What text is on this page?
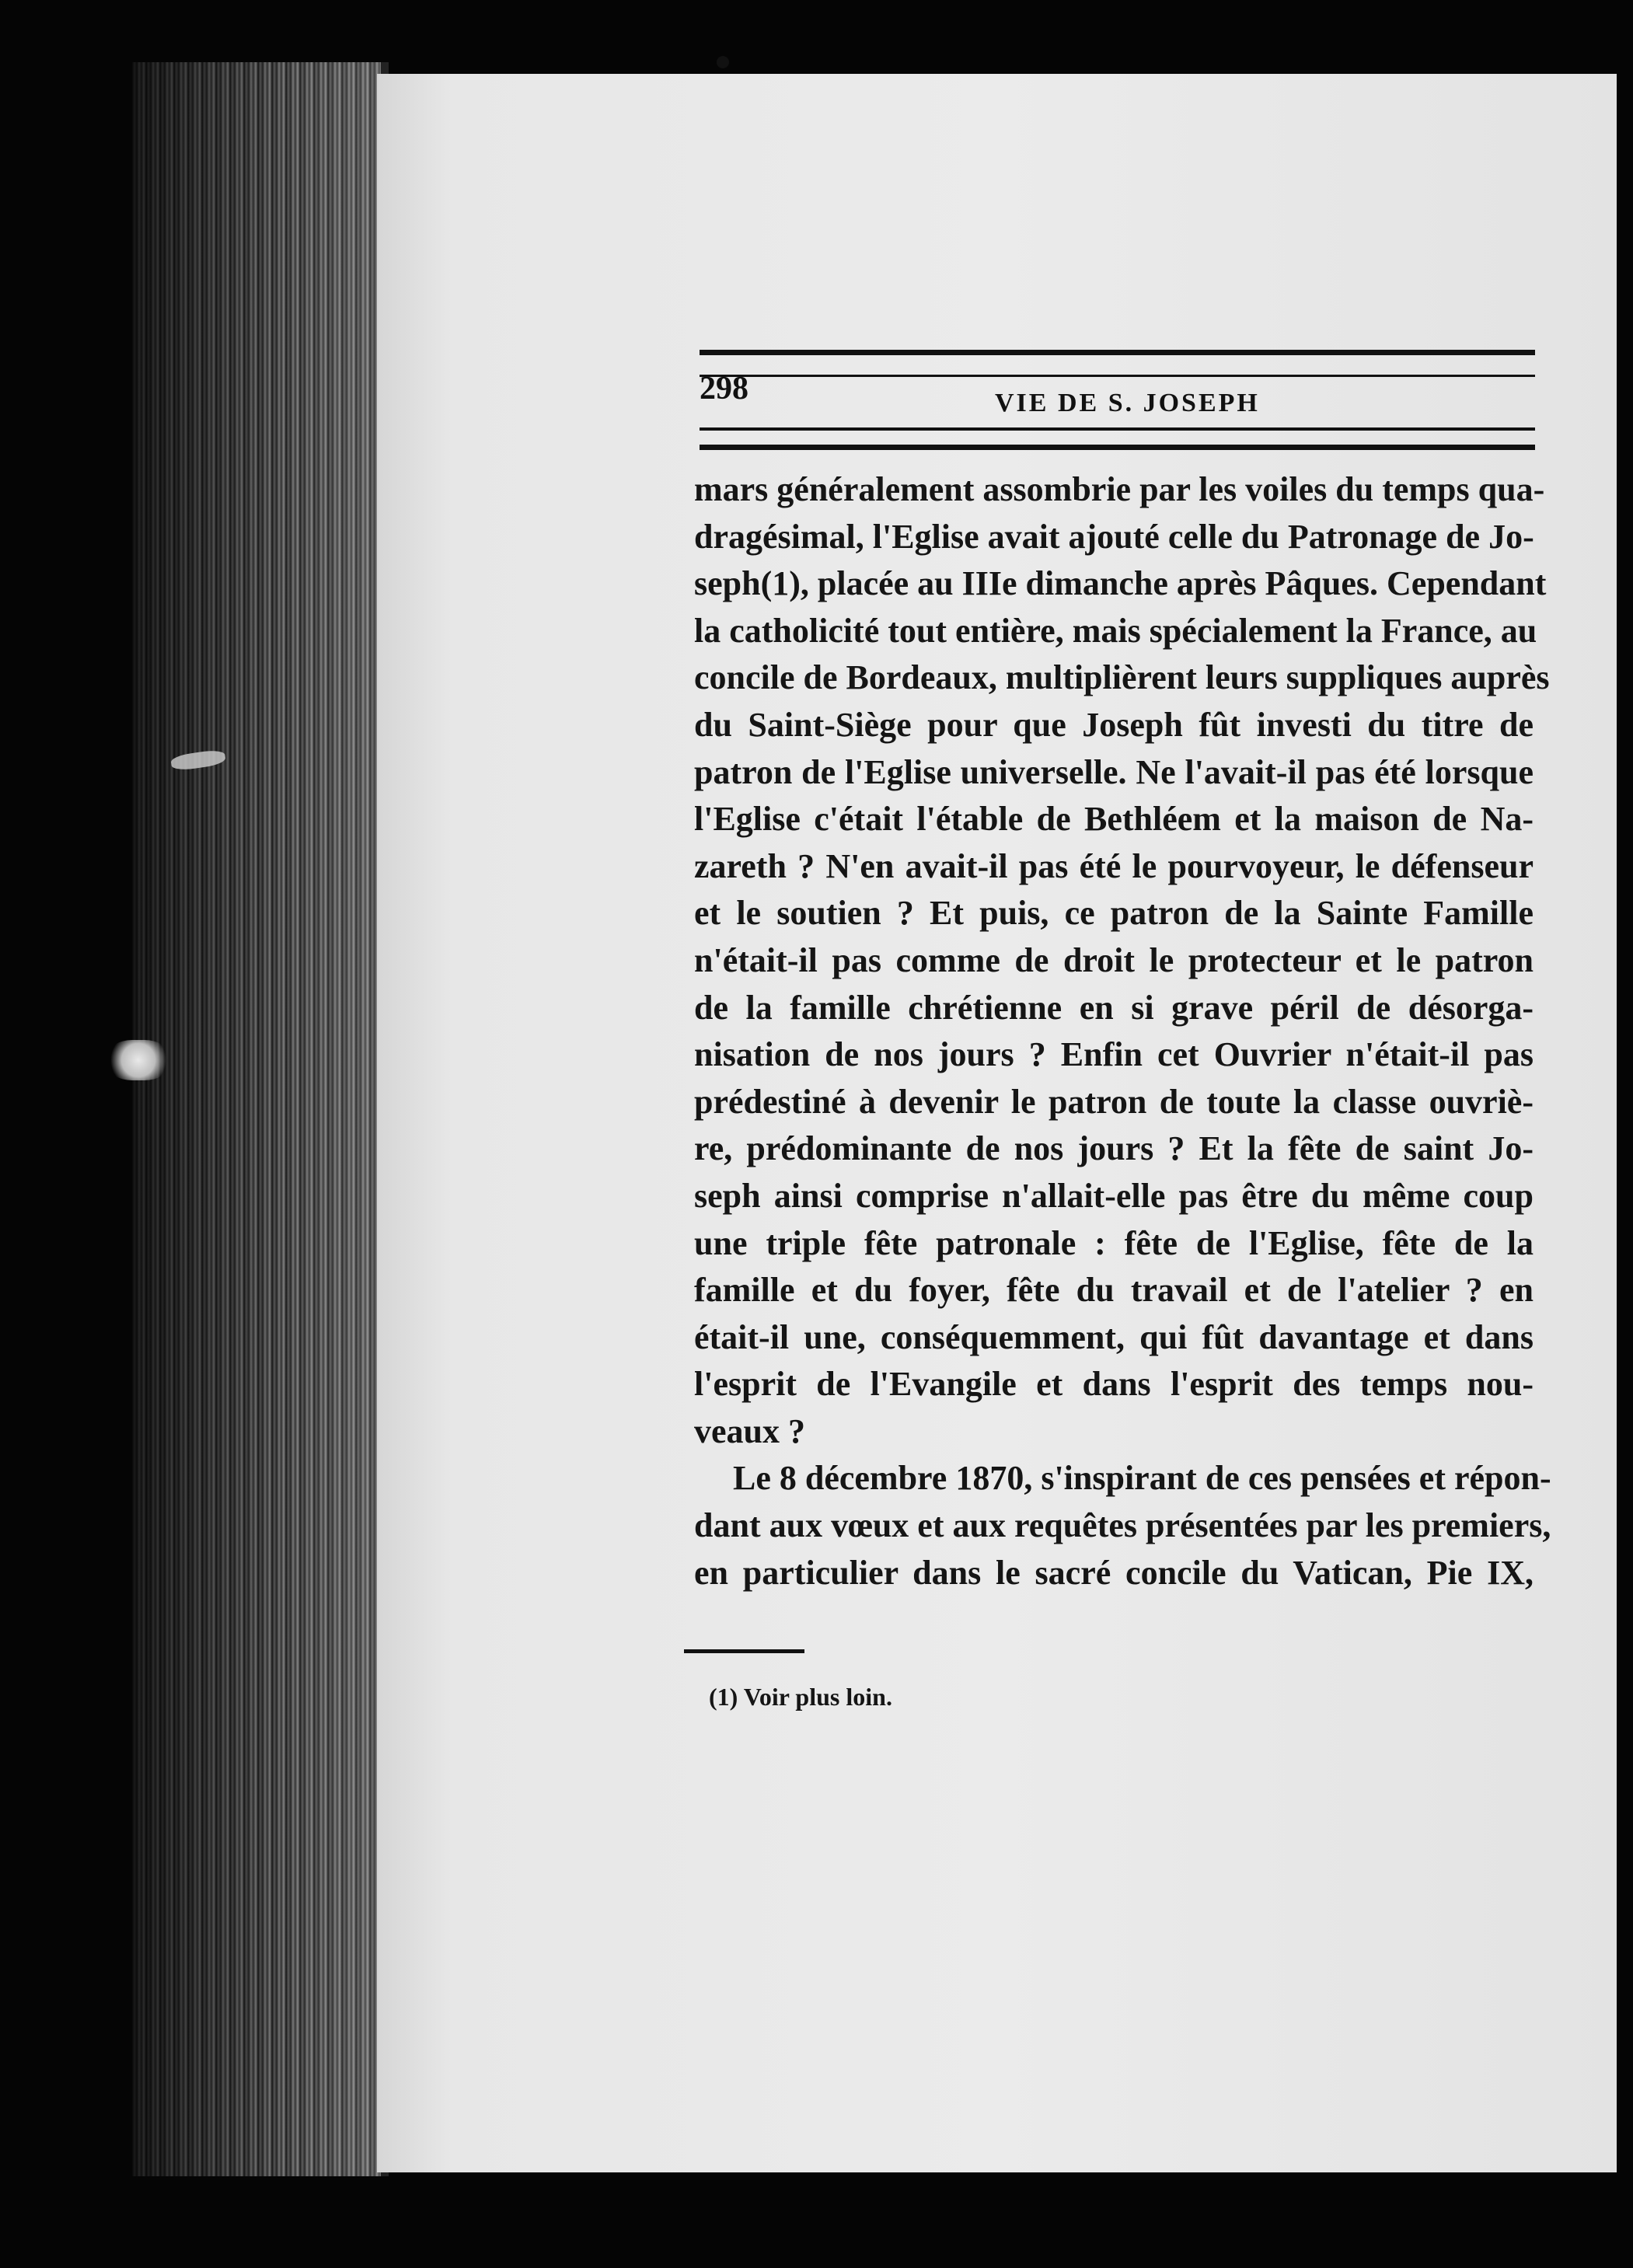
298	VIE DE S. JOSEPH
mars généralement assombrie par les voiles du temps qua-
dragésimal, l'Eglise avait ajouté celle du Patronage de Jo-
seph(1), placée au IIIe dimanche après Pâques. Cependant
la catholicité tout entière, mais spécialement la France, au
concile de Bordeaux, multiplièrent leurs suppliques auprès
du Saint-Siège pour que Joseph fût investi du titre de
patron de l'Eglise universelle. Ne l'avait-il pas été lorsque
l'Eglise c'était l'étable de Bethléem et la maison de Na-
zareth ? N'en avait-il pas été le pourvoyeur, le défenseur
et le soutien ? Et puis, ce patron de la Sainte Famille
n'était-il pas comme de droit le protecteur et le patron
de la famille chrétienne en si grave péril de désorga-
nisation de nos jours ? Enfin cet Ouvrier n'était-il pas
prédestiné à devenir le patron de toute la classe ouvriè-
re, prédominante de nos jours ? Et la fête de saint Jo-
seph ainsi comprise n'allait-elle pas être du même coup
une triple fête patronale : fête de l'Eglise, fête de la
famille et du foyer, fête du travail et de l'atelier ? en
était-il une, conséquemment, qui fût davantage et dans
l'esprit de l'Evangile et dans l'esprit des temps nou-
veaux ?
Le 8 décembre 1870, s'inspirant de ces pensées et répon-
dant aux vœux et aux requêtes présentées par les premiers,
en particulier dans le sacré concile du Vatican, Pie IX,
(1) Voir plus loin.
